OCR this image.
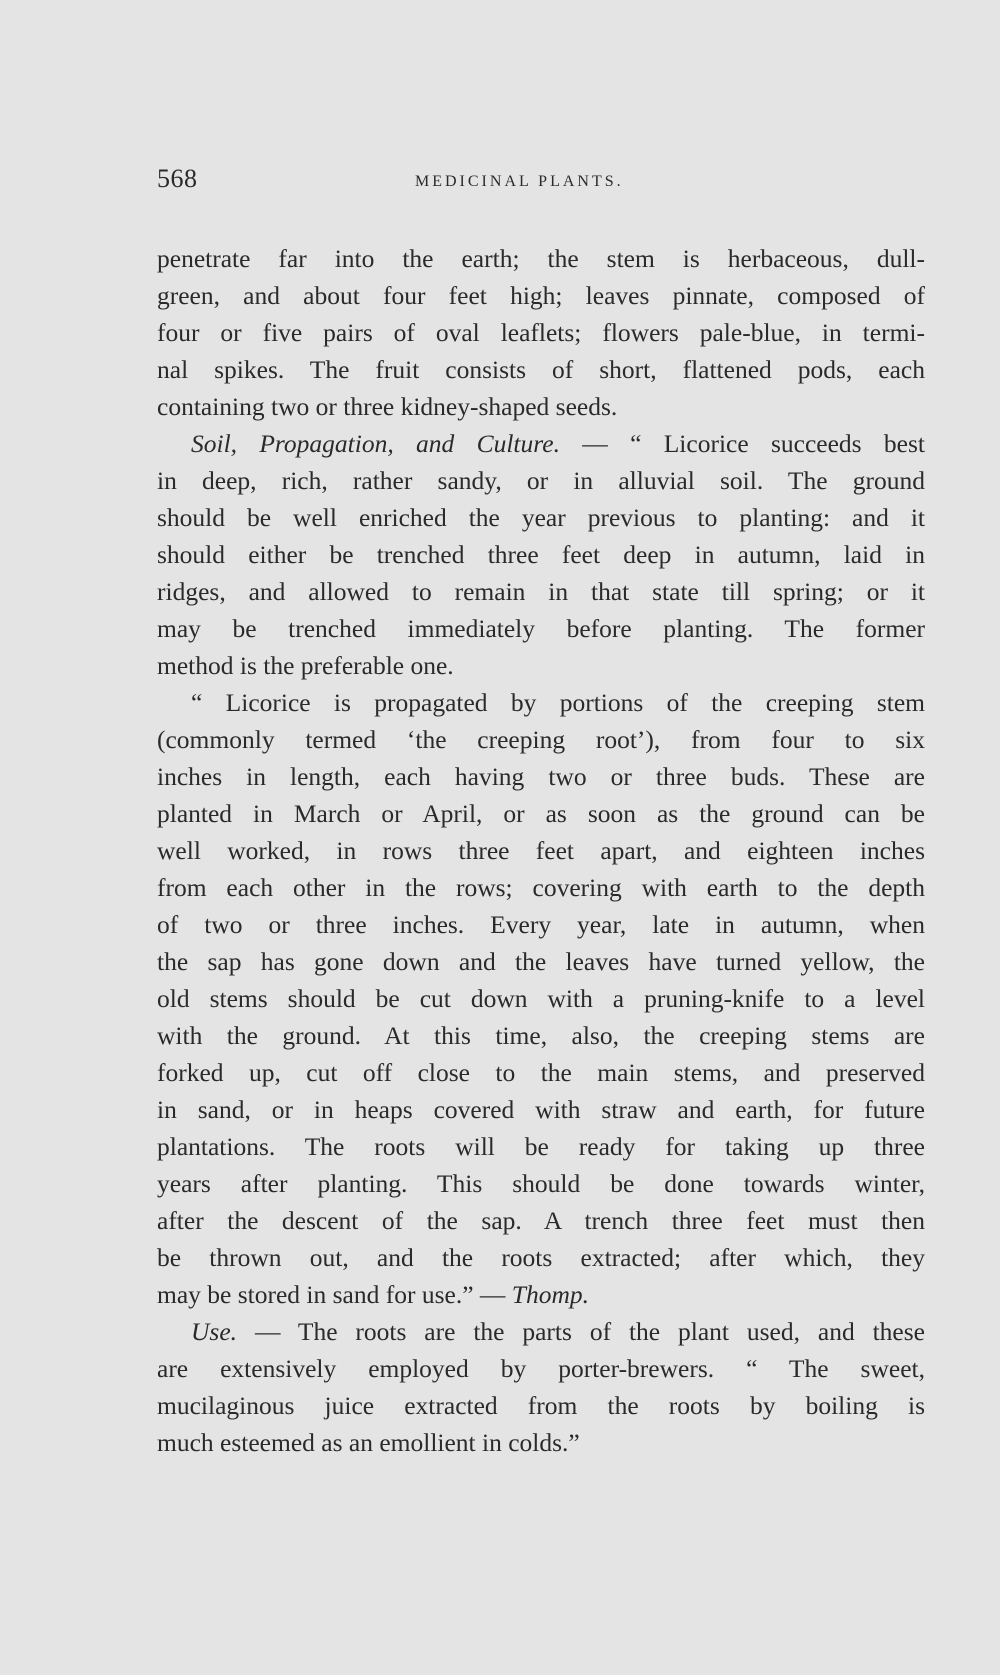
568	MEDICINAL PLANTS.

penetrate far into the earth; the stem is herbaceous, dull-
green, and about four feet high; leaves pinnate, composed of
four or five pairs of oval leaflets; flowers pale-blue, in termi-
nal spikes. The fruit consists of short, flattened pods, each
containing two or three kidney-shaped seeds.

Soil, Propagation, and Culture. — “ Licorice succeeds best
in deep, rich, rather sandy, or in alluvial soil. The ground
should be well enriched the year previous to planting: and it
should either be trenched three feet deep in autumn, laid in
ridges, and allowed to remain in that state till spring; or it
may be trenched immediately before planting. The former
method is the preferable one.

“ Licorice is propagated by portions of the creeping stem
(commonly termed ‘the creeping root’), from four to six
inches in length, each having two or three buds. These are
planted in March or April, or as soon as the ground can be
well worked, in rows three feet apart, and eighteen inches
from each other in the rows; covering with earth to the depth
of two or three inches. Every year, late in autumn, when
the sap has gone down and the leaves have turned yellow, the
old stems should be cut down with a pruning-knife to a level
with the ground. At this time, also, the creeping stems are
forked up, cut off close to the main stems, and preserved
in sand, or in heaps covered with straw and earth, for future
plantations. The roots will be ready for taking up three
years after planting. This should be done towards winter,
after the descent of the sap. A trench three feet must then
be thrown out, and the roots extracted; after which, they
may be stored in sand for use.” — Thomp.

Use. — The roots are the parts of the plant used, and these
are extensively employed by porter-brewers. “ The sweet,
mucilaginous juice extracted from the roots by boiling is
much esteemed as an emollient in colds.”
